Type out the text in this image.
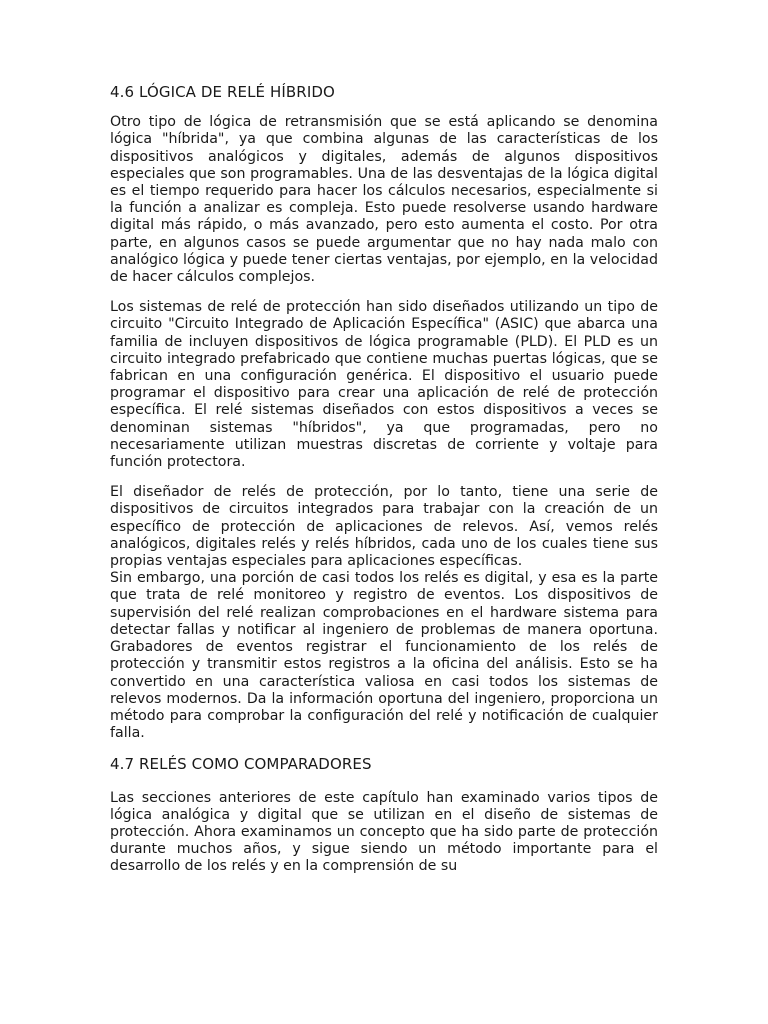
4.6 LÓGICA DE RELÉ HÍBRIDO

Otro tipo de lógica de retransmisión que se está aplicando se denomina lógica "híbrida", ya que combina algunas de las características de los dispositivos analógicos y digitales, además de algunos dispositivos especiales que son programables. Una de las desventajas de la lógica digital es el tiempo requerido para hacer los cálculos necesarios, especialmente si la función a analizar es compleja. Esto puede resolverse usando hardware digital más rápido, o más avanzado, pero esto aumenta el costo. Por otra parte, en algunos casos se puede argumentar que no hay nada malo con analógico lógica y puede tener ciertas ventajas, por ejemplo, en la velocidad de hacer cálculos complejos.

Los sistemas de relé de protección han sido diseñados utilizando un tipo de circuito "Circuito Integrado de Aplicación Específica" (ASIC) que abarca una familia de incluyen dispositivos de lógica programable (PLD). El PLD es un circuito integrado prefabricado que contiene muchas puertas lógicas, que se fabrican en una configuración genérica. El dispositivo el usuario puede programar el dispositivo para crear una aplicación de relé de protección específica. El relé sistemas diseñados con estos dispositivos a veces se denominan sistemas "híbridos", ya que programadas, pero no necesariamente utilizan muestras discretas de corriente y voltaje para función protectora.

El diseñador de relés de protección, por lo tanto, tiene una serie de dispositivos de circuitos integrados para trabajar con la creación de un específico de protección de aplicaciones de relevos. Así, vemos relés analógicos, digitales relés y relés híbridos, cada uno de los cuales tiene sus propias ventajas especiales para aplicaciones específicas.

Sin embargo, una porción de casi todos los relés es digital, y esa es la parte que trata de relé monitoreo y registro de eventos. Los dispositivos de supervisión del relé realizan comprobaciones en el hardware sistema para detectar fallas y notificar al ingeniero de problemas de manera oportuna. Grabadores de eventos registrar el funcionamiento de los relés de protección y transmitir estos registros a la oficina del análisis. Esto se ha convertido en una característica valiosa en casi todos los sistemas de relevos modernos. Da la información oportuna del ingeniero, proporciona un método para comprobar la configuración del relé y notificación de cualquier falla.

4.7 RELÉS COMO COMPARADORES

Las secciones anteriores de este capítulo han examinado varios tipos de lógica analógica y digital que se utilizan en el diseño de sistemas de protección. Ahora examinamos un concepto que ha sido parte de protección durante muchos años, y sigue siendo un método importante para el desarrollo de los relés y en la comprensión de su
